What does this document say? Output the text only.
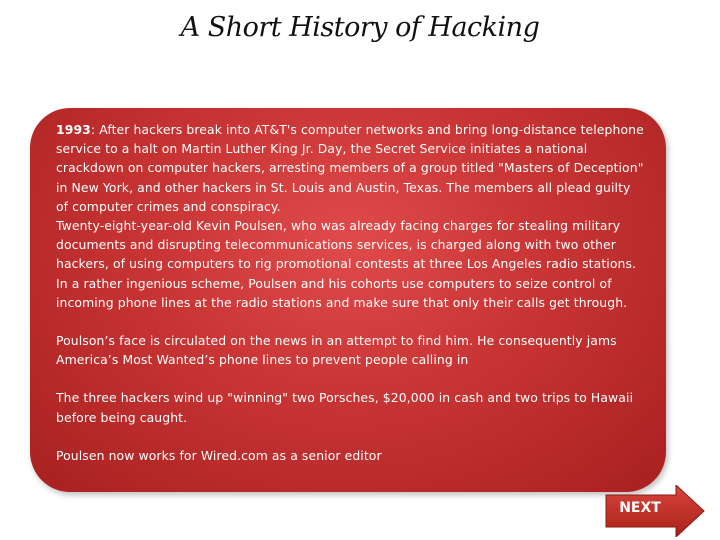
A Short History of Hacking

1993: After hackers break into AT&T's computer networks and bring long-distance telephone service to a halt on Martin Luther King Jr. Day, the Secret Service initiates a national crackdown on computer hackers, arresting members of a group titled "Masters of Deception" in New York, and other hackers in St. Louis and Austin, Texas. The members all plead guilty of computer crimes and conspiracy.

Twenty-eight-year-old Kevin Poulsen, who was already facing charges for stealing military documents and disrupting telecommunications services, is charged along with two other hackers, of using computers to rig promotional contests at three Los Angeles radio stations. In a rather ingenious scheme, Poulsen and his cohorts use computers to seize control of incoming phone lines at the radio stations and make sure that only their calls get through.

Poulson’s face is circulated on the news in an attempt to find him. He consequently jams America’s Most Wanted’s phone lines to prevent people calling in

The three hackers wind up "winning" two Porsches, $20,000 in cash and two trips to Hawaii before being caught.

Poulsen now works for Wired.com as a senior editor

NEXT
